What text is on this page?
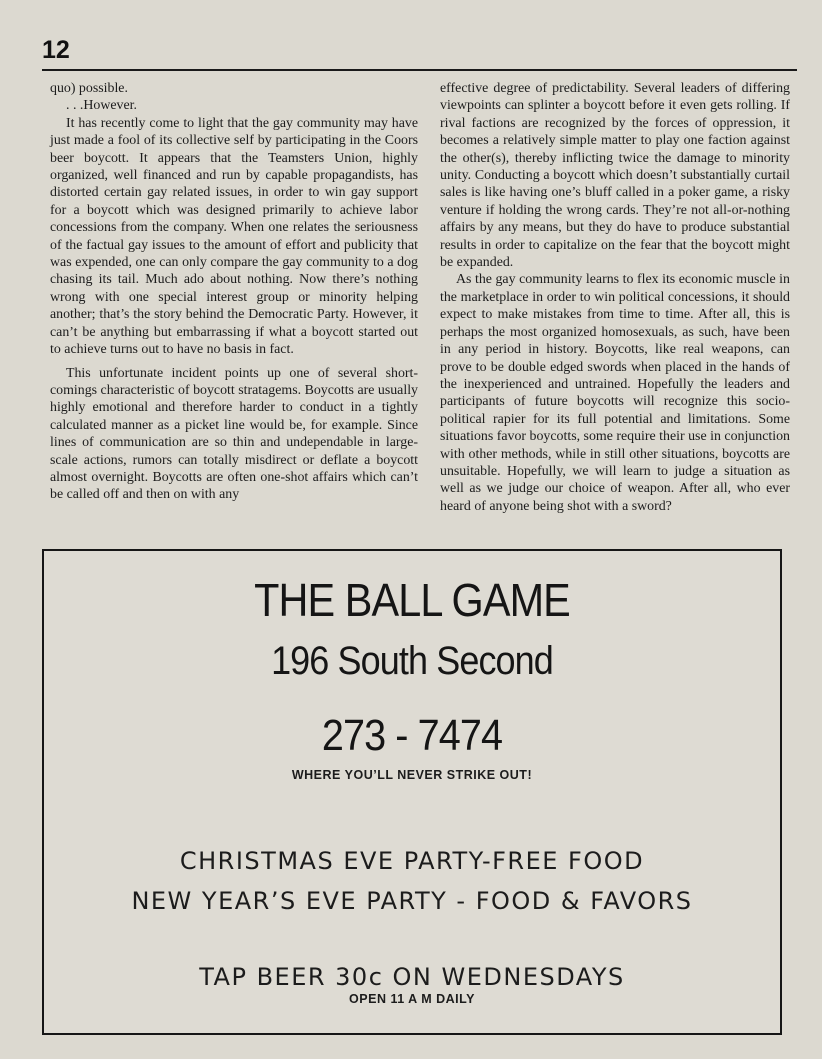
12

quo) possible.

. . .However.

It has recently come to light that the gay community may have just made a fool of its collective self by participating in the Coors beer boycott. It appears that the Teamsters Union, highly organized, well financed and run by capable propagandists, has distorted certain gay related issues, in order to win gay support for a boycott which was designed primarily to achieve labor concessions from the company. When one relates the seriousness of the factual gay issues to the amount of effort and publicity that was expended, one can only compare the gay community to a dog chasing its tail. Much ado about nothing. Now there’s nothing wrong with one special interest group or minority helping another; that’s the story behind the Democratic Party. However, it can’t be anything but embarrassing if what a boycott started out to achieve turns out to have no basis in fact.

This unfortunate incident points up one of several short-comings characteristic of boycott stratagems. Boycotts are usually highly emotional and therefore harder to conduct in a tightly calculated manner as a picket line would be, for example. Since lines of communication are so thin and undependable in large-scale actions, rumors can totally misdirect or deflate a boycott almost overnight. Boycotts are often one-shot affairs which can’t be called off and then on with any

effective degree of predictability. Several leaders of differing viewpoints can splinter a boycott before it even gets rolling. If rival factions are recognized by the forces of oppression, it becomes a relatively simple matter to play one faction against the other(s), thereby inflicting twice the damage to minority unity. Conducting a boycott which doesn’t substantially curtail sales is like having one’s bluff called in a poker game, a risky venture if holding the wrong cards. They’re not all-or-nothing affairs by any means, but they do have to produce substantial results in order to capitalize on the fear that the boycott might be expanded.

As the gay community learns to flex its economic muscle in the marketplace in order to win political concessions, it should expect to make mistakes from time to time. After all, this is perhaps the most organized homosexuals, as such, have been in any period in history. Boycotts, like real weapons, can prove to be double edged swords when placed in the hands of the inexperienced and untrained. Hopefully the leaders and participants of future boycotts will recognize this socio-political rapier for its full potential and limitations. Some situations favor boycotts, some require their use in conjunction with other methods, while in still other situations, boycotts are unsuitable. Hopefully, we will learn to judge a situation as well as we judge our choice of weapon. After all, who ever heard of anyone being shot with a sword?

THE BALL GAME
196 South Second
273 - 7474
WHERE YOU’LL NEVER STRIKE OUT!
CHRISTMAS EVE PARTY-FREE FOOD
NEW YEAR’S EVE PARTY - FOOD & FAVORS
TAP BEER 30c ON WEDNESDAYS
OPEN 11 A M DAILY
